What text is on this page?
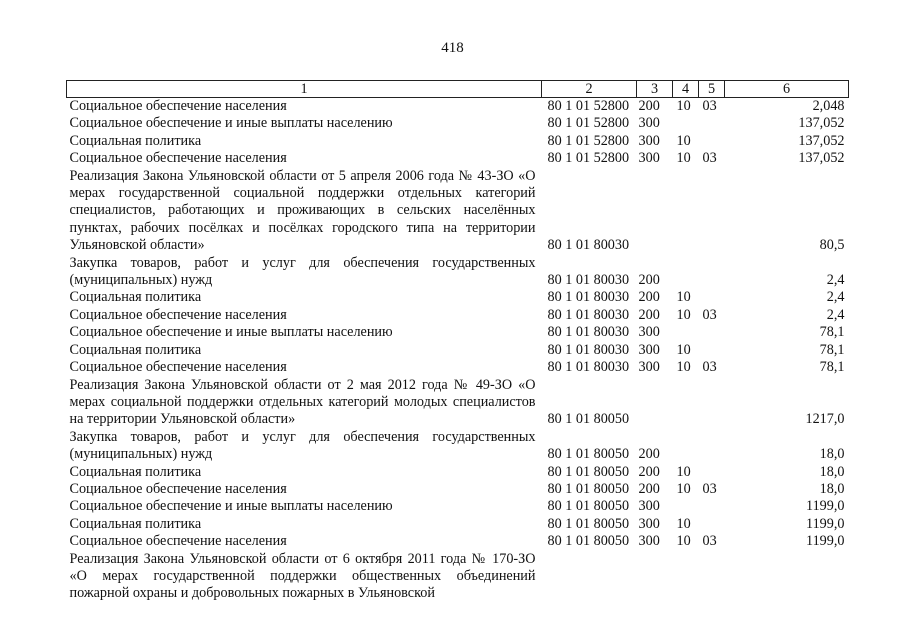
418
1	2	3	4	5	6
Социальное обеспечение населения	80 1 01 52800	200	10	03	2,048
Социальное обеспечение и иные выплаты населению	80 1 01 52800	300			137,052
Социальная политика	80 1 01 52800	300	10		137,052
Социальное обеспечение населения	80 1 01 52800	300	10	03	137,052
Реализация Закона Ульяновской области от 5 апреля 2006 года № 43-ЗО «О мерах государственной социальной поддержки отдельных категорий специалистов, работающих и проживающих в сельских населённых пунктах, рабочих посёлках и посёлках городского типа на территории Ульяновской области»	80 1 01 80030				80,5
Закупка товаров, работ и услуг для обеспечения государственных (муниципальных) нужд	80 1 01 80030	200			2,4
Социальная политика	80 1 01 80030	200	10		2,4
Социальное обеспечение населения	80 1 01 80030	200	10	03	2,4
Социальное обеспечение и иные выплаты населению	80 1 01 80030	300			78,1
Социальная политика	80 1 01 80030	300	10		78,1
Социальное обеспечение населения	80 1 01 80030	300	10	03	78,1
Реализация Закона Ульяновской области от 2 мая 2012 года № 49-ЗО «О мерах социальной поддержки отдельных категорий молодых специалистов на территории Ульяновской области»	80 1 01 80050				1217,0
Закупка товаров, работ и услуг для обеспечения государственных (муниципальных) нужд	80 1 01 80050	200			18,0
Социальная политика	80 1 01 80050	200	10		18,0
Социальное обеспечение населения	80 1 01 80050	200	10	03	18,0
Социальное обеспечение и иные выплаты населению	80 1 01 80050	300			1199,0
Социальная политика	80 1 01 80050	300	10		1199,0
Социальное обеспечение населения	80 1 01 80050	300	10	03	1199,0
Реализация Закона Ульяновской области от 6 октября 2011 года № 170-ЗО «О мерах государственной поддержки общественных объединений пожарной охраны и добровольных пожарных в Ульяновской					
